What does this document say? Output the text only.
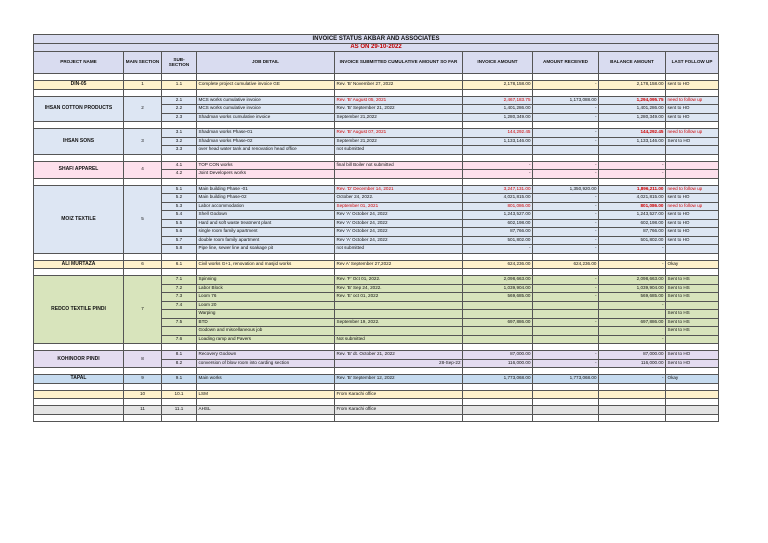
INVOICE STATUS AKBAR AND ASSOCIATES								
AS ON 29-10-2022								
PROJECT NAME	MAIN SECTION	SUB-SECTION	JOB DETAIL	INVOICE SUBMITTED CUMULATIVE AMOUNT SO FAR	INVOICE AMOUNT	AMOUNT RECEIVED	BALANCE AMOUNT	LAST FOLLOW UP

DIN-05	1	1.1	Complete project cumulative invoice GE	Rev. 'B' November 27, 2022	2,178,158.00	-	2,178,158.00	sent to HO

IHSAN COTTON PRODUCTS	2	2.1	MCS works cumulative invoice	Rev. 'B' August 05, 2021	2,467,183.75	1,173,088.00	1,294,095.75	need to follow up
		2.2	MCS works cumulative invoice	Rev. 'B' September 21, 2022	1,401,286.00	-	1,401,286.00	sent to HO
		2.3	Shadman works cumulative invoice	September 21,2022	1,280,349.00	-	1,280,349.00	sent to HO

IHSAN SONS	3	3.1	Shadman works Phase-01	Rev. 'B' August 07, 2021	144,292.45	-	144,292.45	need to follow up
		3.2	Shadman works Phase-02	September 21,2022	1,133,146.00	-	1,133,146.00	Sent to HO
		3.3	over head water tank and renovation head office	not submitted				

SHAFI APPAREL	4	4.1	TOP CON works	final bill Boiler not submitted	-	-	-	
		4.2	Joint Developers works		-	-	-	

MOIZ TEXTILE	5	5.1	Main building Phase -01	Rev. 'D' December 14, 2021	3,247,131.00	1,350,920.00	1,896,211.00	need to follow up
		5.2	Main building Phase-02	October 24, 2022.	4,021,815.00	-	4,021,815.00	sent to HO
		5.3	Labor accommodation	September 01, 2021	801,086.00	-	801,086.00	need to follow up
		5.4	Shell Godown	Rev 'A' October 24, 2022	1,243,527.00	-	1,243,527.00	sent to HO
		5.5	Hard and soft waste treatment plant	Rev 'A' October 24, 2022	602,198.00	-	602,198.00	sent to HO
		5.6	single room family apartment	Rev 'A' October 24, 2022	87,766.00	-	87,766.00	sent to HO
		5.7	double room family apartment	Rev 'A' October 24, 2022	501,802.00	-	501,802.00	sent to HO
		5.8	Pipe line, sewer line and soakage pit	not submitted	-	-	-	

ALI MURTAZA	6	6.1	Civil works G+1, renovation and masjid works	Rev A' September 27,2022	624,236.00	624,236.00	-	Okay

REDCO TEXTILE PINDI	7	7.1	Spinning	Rev. 'F' Oct 01, 2022.	2,098,663.00	-	2,098,663.00	Sent to HS
		7.2	Labor Block	Rev. 'B' Sep 24, 2022.	1,039,904.00	-	1,039,904.00	Sent to HS
		7.3	Loom 76	Rev. 'E' oct 01, 2022	569,685.00	-	569,685.00	Sent to HS
		7.4	Loom 20				-	
			Warping					Sent to HS
		7.5	BTD	September 19, 2022.	697,886.00	-	697,886.00	Sent to HS
			Godown and miscellaneous job					Sent to HS
		7.6	Loading ramp and Pavers	Not submitted			-	

KOHINOOR PINDI	8	8.1	Recovery Godown	Rev. 'B' dt. October 21, 2022	87,000.00	-	87,000.00	Sent to HO
		8.2	conversion of blow room into carding section	28-Sep-22	116,000.00	-	116,000.00	Sent to HO

TAPAL	9	9.1	Main works	Rev. 'B' September 12, 2022	1,773,068.00	1,773,068.00	-	Okay

	10	10.1	LSM	From Karachi office				

	11	11.1	AHSL	From Karachi office				
